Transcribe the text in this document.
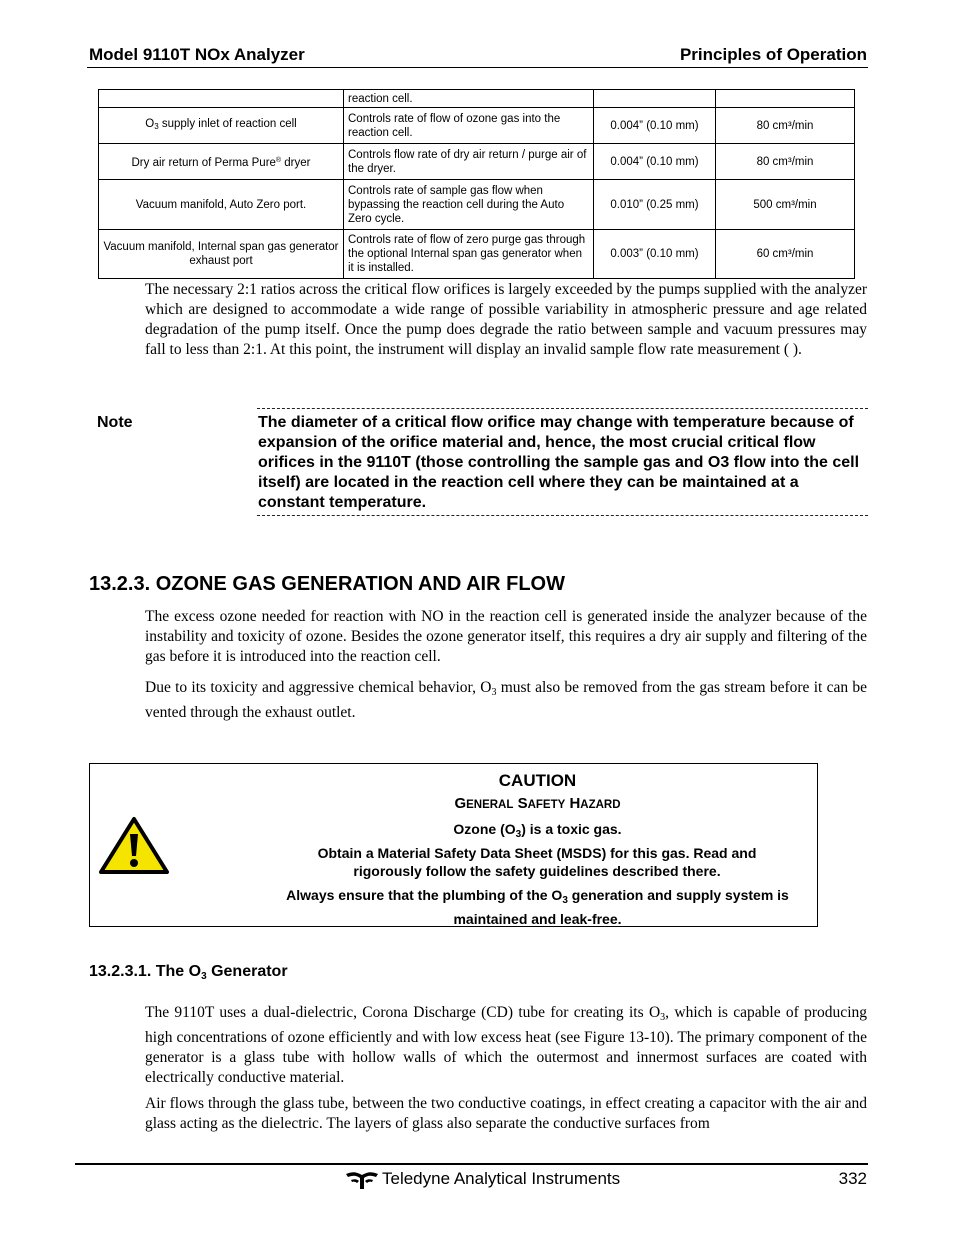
Model 9110T NOx Analyzer	Principles of Operation
	reaction cell.		
$O_3$ supply inlet of reaction cell	Controls rate of flow of ozone gas into the reaction cell.	0.004” (0.10 mm)	80 cm³/min
Dry air return of Perma Pure® dryer	Controls flow rate of dry air return / purge air of the dryer.	0.004” (0.10 mm)	80 cm³/min
Vacuum manifold, Auto Zero port.	Controls rate of sample gas flow when bypassing the reaction cell during the Auto Zero cycle.	0.010” (0.25 mm)	500 cm³/min
Vacuum manifold, Internal span gas generator exhaust port	Controls rate of flow of zero purge gas through the optional Internal span gas generator when it is installed.	0.003” (0.10 mm)	60 cm³/min
The necessary 2:1 ratios across the critical flow orifices is largely exceeded by the pumps supplied with the analyzer which are designed to accommodate a wide range of possible variability in atmospheric pressure and age related degradation of the pump itself. Once the pump does degrade the ratio between sample and vacuum pressures may fall to less than 2:1. At this point, the instrument will display an invalid sample flow rate measurement ( ).
Note	The diameter of a critical flow orifice may change with temperature because of expansion of the orifice material and, hence, the most crucial critical flow orifices in the 9110T (those controlling the sample gas and O3 flow into the cell itself) are located in the reaction cell where they can be maintained at a constant temperature.
13.2.3. OZONE GAS GENERATION AND AIR FLOW
The excess ozone needed for reaction with NO in the reaction cell is generated inside the analyzer because of the instability and toxicity of ozone. Besides the ozone generator itself, this requires a dry air supply and filtering of the gas before it is introduced into the reaction cell.
Due to its toxicity and aggressive chemical behavior, $O_3$ must also be removed from the gas stream before it can be vented through the exhaust outlet.
CAUTION
GENERAL SAFETY HAZARD
Ozone $(O_3)$ is a toxic gas.
Obtain a Material Safety Data Sheet (MSDS) for this gas. Read and rigorously follow the safety guidelines described there.
Always ensure that the plumbing of the $O_3$ generation and supply system is maintained and leak-free.
13.2.3.1. The $O_3$ Generator
The 9110T uses a dual-dielectric, Corona Discharge (CD) tube for creating its $O_3$, which is capable of producing high concentrations of ozone efficiently and with low excess heat (see Figure 13-10). The primary component of the generator is a glass tube with hollow walls of which the outermost and innermost surfaces are coated with electrically conductive material.
Air flows through the glass tube, between the two conductive coatings, in effect creating a capacitor with the air and glass acting as the dielectric. The layers of glass also separate the conductive surfaces from
Teledyne Analytical Instruments	332
